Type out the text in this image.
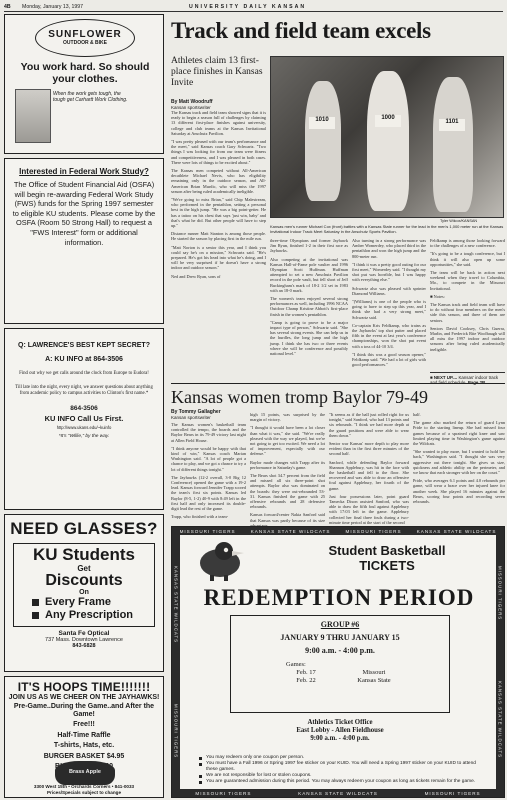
4B Monday, January 13, 1997	UNIVERSITY DAILY KANSAN
SUNFLOWER
OUTDOOR & BIKE
You work hard. So should your clothes.
When the work gets tough, the tough get Carhartt Work Clothing.
Interested in Federal Work Study?
The Office of Student Financial Aid (OSFA) will begin re-awarding Federal Work Study (FWS) funds for the Spring 1997 semester to eligible KU students. Please come by the OSFA (Room 50 Strong Hall) to request a "FWS Interest" form or additional information.
Q: LAWRENCE'S BEST KEPT SECRET?
A: KU INFO at 864-3506
Find out why we get calls around the clock from Europe to Eudora!
Till late into the night, every night, we answer questions about anything from academic policy to campus activities to Clinton's first name.*
864-3506
KU INFO Call Us First.
http://www.ukans.edu/~kuinfo
*It's "Willie," by the way.
NEED GLASSES?
KU Students
Get
Discounts
On
Every Frame
Any Prescription
Santa Fe Optical
737 Mass. Downtown Lawrence
843-6828
IT'S HOOPS TIME!!!!!!!
JOIN US AS WE CHEER ON THE JAYHAWKS!
Pre-Game..During the Game..and After the Game!
Free!!!
Half-Time Raffle
T-shirts, Hats, etc.
BURGER BASKET $4.95
Brass Apple
3300 West 15th • Orchards Corners • 841-0033
Prices/Specials subject to change
Track and field team excels
Athletes claim 13 first-place finishes in Kansas Invite
By Matt Woodruff
Kansan sportswriter
1010	1000
1101
Tyler Wilcox/KANSAN
Kansas men's runner Michael Cox (front) battles with a Kansas State runner for the lead in the men's 1,000 meter run at the Kansas Invitational Indoor Track Meet Saturday in the Anschutz Sports Pavilion.

The Kansas track and field team showed signs that it is ready to begin a season full of challenges by claiming 13 different first-place finishes against university, college and club teams at the Kansas Invitational Saturday at Anschutz Pavilion.

"I was pretty pleased with our team's performance and the meet," said Kansas coach Gary Schwartz. "Two things I was looking for from our team were fitness and competitiveness, and I was pleased in both cases. There were lots of things to be excited about."

The Kansas men competed without All-American decathlete Michael Nevis, who has eligibility remaining only in the outdoor season, and All-American Brian Murdic, who will miss the 1997 season after being ruled academically ineligible.

"We're going to miss Brian," said Chip Malestream, who performed in the pentathlon, setting a personal best in the high jump. "He was a big point-getter. He has a tattoo on his chest that says 'just win, baby' and that's what he did. But other people will have to step up."

Distance runner Matt Stanton is among those people. He started the season by placing first in the mile run.

"Matt Norton is a senior this year, and I think you could say he's on a mission," Schwartz said. "He's prepared. He's got his head into what he's doing, and I will be very surprised if he doesn't have a strong indoor and outdoor season."

Ned and Drew Ryan, sons of

three-time Olympians and former Jayhawk Jim Ryun, finished 1-2 in their first race as Jayhawks.

Also competing at the invitational was Kansas Hall-of-Fame pole vaulter and 1996 Olympian Scott Huffman. Huffman attempted to set a new Anschutz Pavilion record in the pole vault, but fell short of Jeff Buckingham's mark of 18-2 1/2 set in 1983 with an 18-0 mark.

The women's team enjoyed several strong performances as well, including 1996 NCAA Outdoor Champ Kristine Abbott's first-place finish in the women's pentathlon.

"Camp is going to prove to be a major impact type of person," Schwartz said. "She has several strong events. She can help us in the hurdles, the long jump and the high jump. I think she has two or three events where she will be conference and possibly national level."

Also turning in a strong performance was Amber Womerdey, who placed third in the pentathlon and won the high jump and the 800-meter run.

"I think it was a pretty good outing for our first meet," Womerdey said. "I thought my shot put was horrible, but I was happy with everything else."

Schwartz also was pleased with sprinter Diamond Williams.

"(Williams) is one of the people who is going to have to step up this year, and I think she had a very strong meet," Schwartz said.

Co-captain Kris Feldkamp, who trains as the Jayhawks' top shot putter and placed fifth in the event at last year's conference championships, won the shot put event with a toss of 44-10 3/4.

"I think this was a good season opener," Feldkamp said. "We had a lot of girls with good performances."

Feldkamp is among those looking forward to the challenges of a new conference.

"It's going to be a tough conference, but I think it will also open up some opportunities," she said.

The team will be back in action next weekend when they travel to Columbia, Mo., to compete in the Missouri Invitational.

■ Notes:

The Kansas track and field team will have to do without four members on the men's side this season, and three of them are seniors.

Seniors David Cooksey, Chris Guerra, Marlin, and Frederick Rite Woolbaugh will all miss the 1997 indoor and outdoor seasons after being ruled academically ineligible.

■ NEXT UP.... Kansas' indoor track and field schedule. Page 2B
Kansas women tromp Baylor 79-49
By Tommy Gallagher
Kansan sportswriter

The Kansas women's basketball team controlled the tempo, the boards and the Baylor Bears in its 79-49 victory last night at Allen Field House.

"I think anyone would be happy with that kind of win," Kansas coach Marian Washington said. "A lot of people got a chance to play, and we got a chance to try a lot of different things tonight."

The Jayhawks (12-2 overall, 3-0 Big 12 Conference) opened the game with a 19-2 lead. Kansas forward Jennifer Trapp scored the team's first six points. Kansas led Baylor (8-5, 1-2) 40-9 with 8:49 left in the first half and only increased its double-digit lead the rest of the game.

Trapp, who finished with a team-

high 15 points, was surprised by the margin of victory.

"I thought it would have been a lot closer than what it was," she said. "We're really pleased with the way we played, but we're not going to get too excited. We need a lot of improvement, especially with our defense."

Baylor made changes with Trapp after its performance in Saturday's game.

The Bears shot 34.7 percent from the field and missed all six three-point shot attempts. Baylor also was dominated on the boards: they were out-rebounded 53-31. Kansas finished the game with 25 offensive rebounds and 28 defensive rebounds.

Kansas forward/center Nakia Sanford said that Kansas was partly because of its size

"It seems as if the ball just rolled right for us tonight," said Sanford, who had 13 points and six rebounds. "I think we had more depth at the guard positions and were able to wear them down."

Senior war Kansas' more depth to play more evident than in the first three minutes of the second half.

Sanford, while defending Baylor forward Shannon Applebury, was hit in the face with the basketball and fell to the floor. She recovered and was able to draw an offensive foul against Applebury, her fourth of the game.

Just four possessions later, point guard Tamecka Dixon assisted Sanford, who was able to draw the fifth foul against Applebury with 17:03 left in the game. Applebury collected her final three fouls during a two-minute time period at the start of the second

half.

The game also marked the return of guard Lynn Pride to the starting lineup. She had missed four games because of a sprained right knee and saw limited playing time in Washington's game against the Wildcats.

"She wanted to play more, but I wanted to hold her back," Washington said. "I thought she was very aggressive out there tonight. She gives us size, quickness and athletic ability on the perimeter, and we know that each stronger with her on the court."

Pride, who averages 6.1 points and 4.0 rebounds per game, will wear a brace over her injured knee for another week. She played 16 minutes against the Bears, scoring four points and recording seven rebounds.

MISSOURI TIGERS	KANSAS STATE WILDCATS	MISSOURI TIGERS	KANSAS STATE WILDCATS
KANSAS STATE WILDCATS
MISSOURI TIGERS
MISSOURI TIGERS
KANSAS STATE WILDCATS
MISSOURI TIGERS	KANSAS STATE WILDCATS	MISSOURI TIGERS
Student Basketball
TICKETS
REDEMPTION PERIOD
GROUP #6
JANUARY 9 THRU JANUARY 15
9:00 a.m. - 4:00 p.m.
Games:
Feb. 17	Missouri
Feb. 22	Kansas State
Athletics Ticket Office
East Lobby - Allen Fieldhouse
9:00 a.m. - 4:00 p.m.
You may redeem only one coupon per person.
You must have a Fall 1996 or Spring 1997 fee sticker on your KUID. You will need a Spring 1997 sticker on your KUID to attend these games.
We are not responsible for lost or stolen coupons.
You are guaranteed admission during this period. You may always redeem your coupon as long as tickets remain for the game.
